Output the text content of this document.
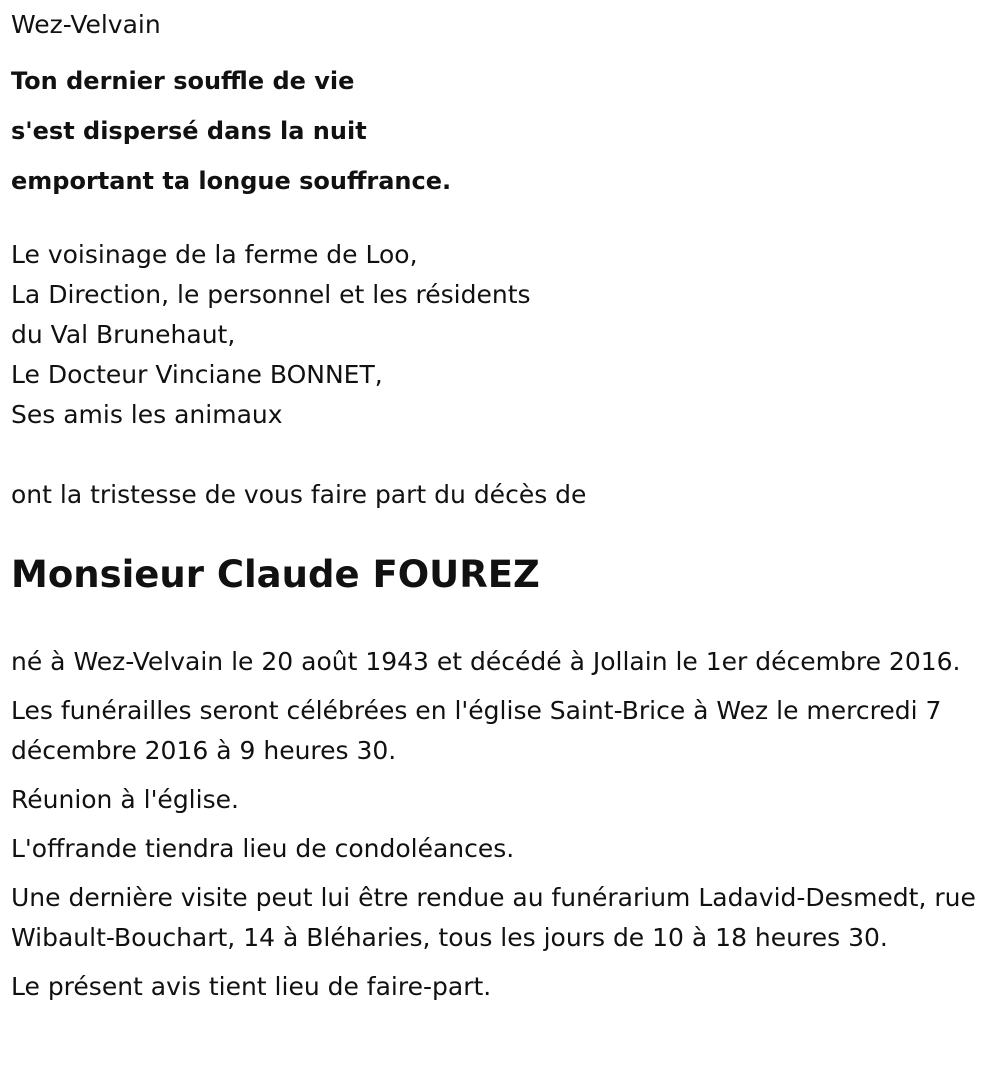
Wez-Velvain

Ton dernier souffle de vie
s'est dispersé dans la nuit
emportant ta longue souffrance.
Le voisinage de la ferme de Loo,
La Direction, le personnel et les résidents
du Val Brunehaut,
Le Docteur Vinciane BONNET,
Ses amis les animaux

ont la tristesse de vous faire part du décès de

Monsieur Claude FOUREZ

né à Wez-Velvain le 20 août 1943 et décédé à Jollain le 1er décembre 2016.

Les funérailles seront célébrées en l'église Saint-Brice à Wez le mercredi 7 décembre 2016 à 9 heures 30.

Réunion à l'église.

L'offrande tiendra lieu de condoléances.

Une dernière visite peut lui être rendue au funérarium Ladavid-Desmedt, rue Wibault-Bouchart, 14 à Bléharies, tous les jours de 10 à 18 heures 30.

Le présent avis tient lieu de faire-part.
